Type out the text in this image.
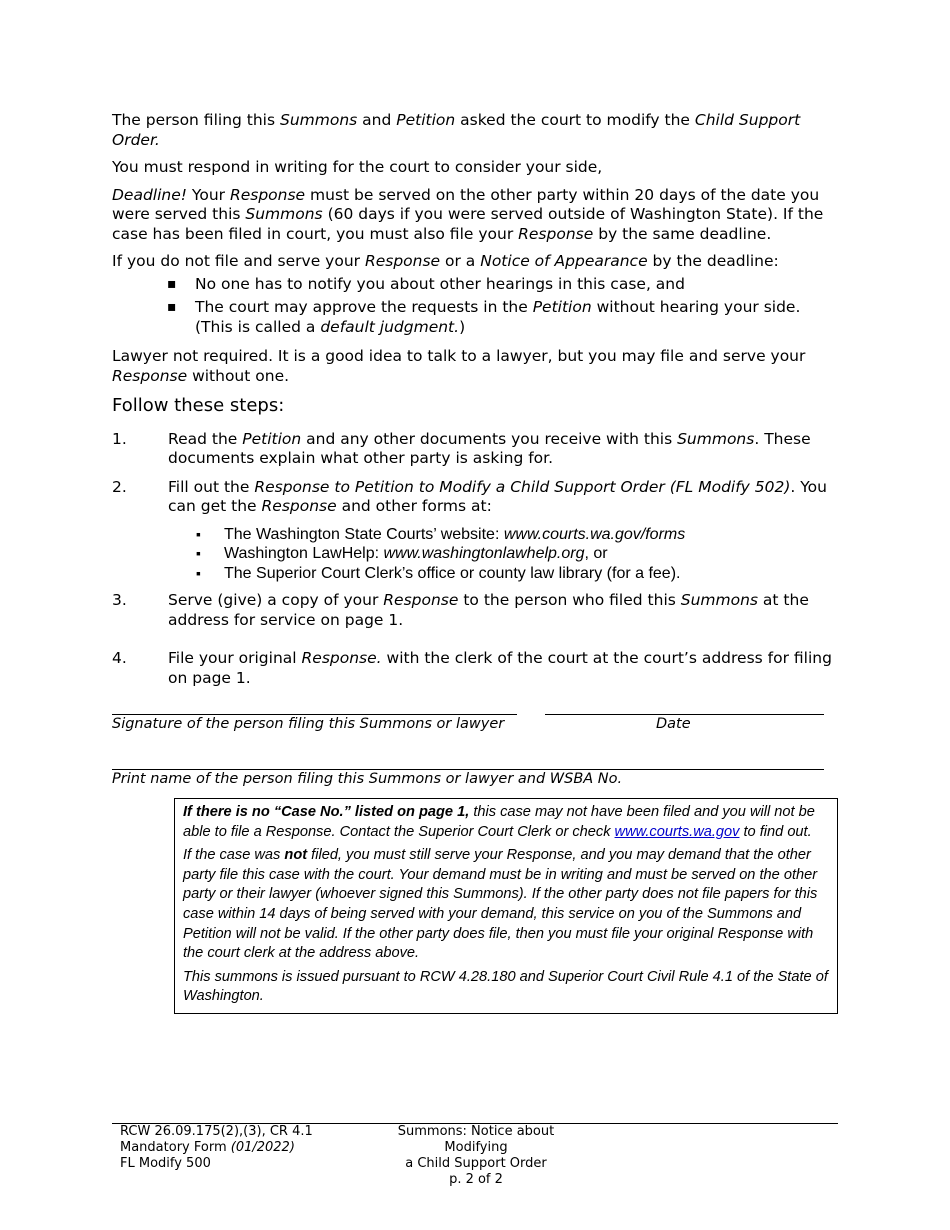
The person filing this Summons and Petition asked the court to modify the Child Support Order.

You must respond in writing for the court to consider your side,

Deadline! Your Response must be served on the other party within 20 days of the date you were served this Summons (60 days if you were served outside of Washington State). If the case has been filed in court, you must also file your Response by the same deadline.

If you do not file and serve your Response or a Notice of Appearance by the deadline:

▪ No one has to notify you about other hearings in this case, and
▪ The court may approve the requests in the Petition without hearing your side. (This is called a default judgment.)

Lawyer not required. It is a good idea to talk to a lawyer, but you may file and serve your Response without one.

Follow these steps:
1.	Read the Petition and any other documents you receive with this Summons. These documents explain what other party is asking for.
2.	Fill out the Response to Petition to Modify a Child Support Order (FL Modify 502). You can get the Response and other forms at:
▪ The Washington State Courts’ website: www.courts.wa.gov/forms
▪ Washington LawHelp: www.washingtonlawhelp.org, or
▪ The Superior Court Clerk’s office or county law library (for a fee).
3.	Serve (give) a copy of your Response to the person who filed this Summons at the address for service on page 1.
4.	File your original Response. with the clerk of the court at the court’s address for filing on page 1.
Signature of the person filing this Summons or lawyer	Date
Print name of the person filing this Summons or lawyer and WSBA No.

If there is no “Case No.” listed on page 1, this case may not have been filed and you will not be able to file a Response. Contact the Superior Court Clerk or check www.courts.wa.gov to find out.

If the case was not filed, you must still serve your Response, and you may demand that the other party file this case with the court. Your demand must be in writing and must be served on the other party or their lawyer (whoever signed this Summons). If the other party does not file papers for this case within 14 days of being served with your demand, this service on you of the Summons and Petition will not be valid. If the other party does file, then you must file your original Response with the court clerk at the address above.

This summons is issued pursuant to RCW 4.28.180 and Superior Court Civil Rule 4.1 of the State of Washington.

RCW 26.09.175(2),(3), CR 4.1
Mandatory Form (01/2022)
FL Modify 500
Summons: Notice about Modifying
a Child Support Order
p. 2 of 2
